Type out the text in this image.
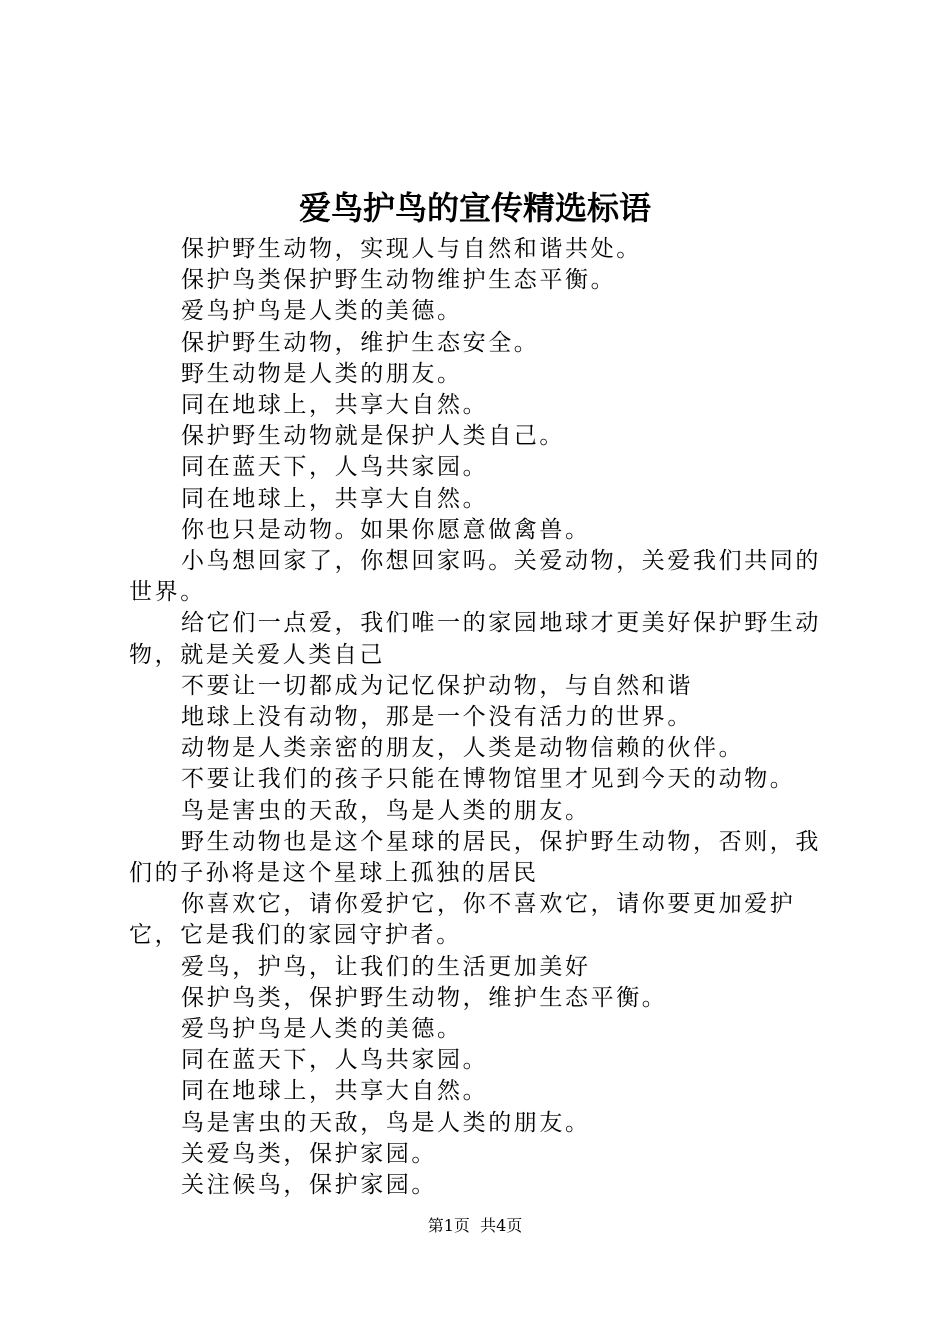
爱鸟护鸟的宣传精选标语

保护野生动物，实现人与自然和谐共处。

保护鸟类保护野生动物维护生态平衡。

爱鸟护鸟是人类的美德。

保护野生动物，维护生态安全。

野生动物是人类的朋友。

同在地球上，共享大自然。

保护野生动物就是保护人类自己。

同在蓝天下，人鸟共家园。

同在地球上，共享大自然。

你也只是动物。如果你愿意做禽兽。

小鸟想回家了，你想回家吗。关爱动物，关爱我们共同的世界。

给它们一点爱，我们唯一的家园地球才更美好保护野生动物，就是关爱人类自己

不要让一切都成为记忆保护动物，与自然和谐

地球上没有动物，那是一个没有活力的世界。

动物是人类亲密的朋友，人类是动物信赖的伙伴。

不要让我们的孩子只能在博物馆里才见到今天的动物。

鸟是害虫的天敌，鸟是人类的朋友。

野生动物也是这个星球的居民，保护野生动物，否则，我们的子孙将是这个星球上孤独的居民

你喜欢它，请你爱护它，你不喜欢它，请你要更加爱护它，它是我们的家园守护者。

爱鸟，护鸟，让我们的生活更加美好

保护鸟类，保护野生动物，维护生态平衡。

爱鸟护鸟是人类的美德。

同在蓝天下，人鸟共家园。

同在地球上，共享大自然。

鸟是害虫的天敌，鸟是人类的朋友。

关爱鸟类，保护家园。

关注候鸟，保护家园。

第1页  共4页
